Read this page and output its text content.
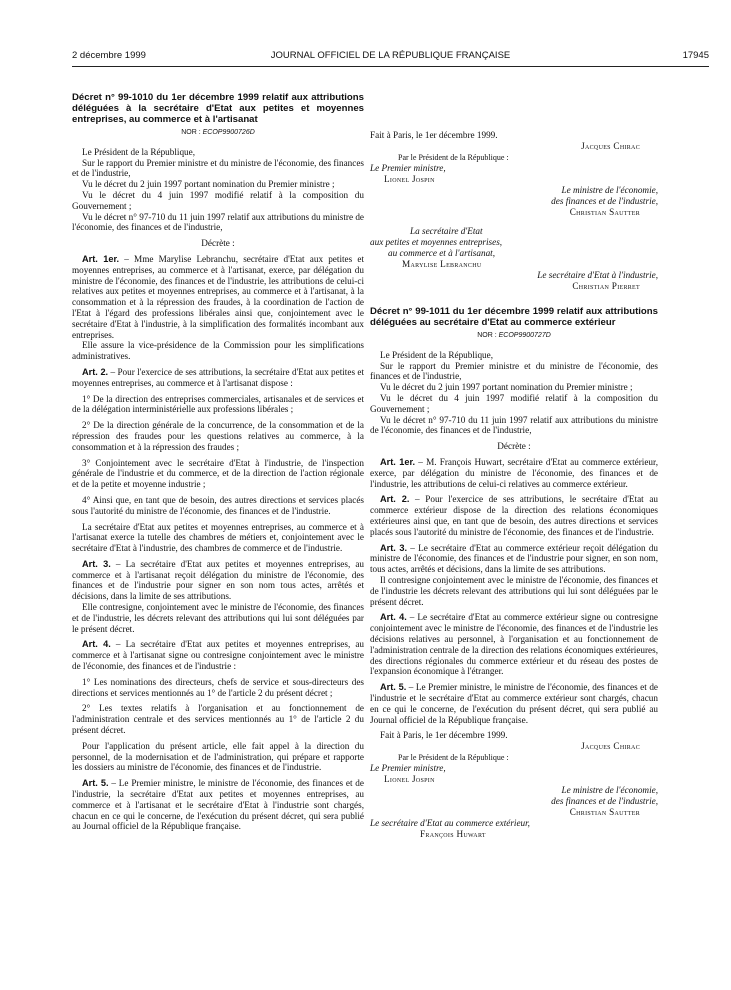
2 décembre 1999	JOURNAL OFFICIEL DE LA RÉPUBLIQUE FRANÇAISE	17945
Décret n° 99-1010 du 1er décembre 1999 relatif aux attributions déléguées à la secrétaire d'Etat aux petites et moyennes entreprises, au commerce et à l'artisanat
NOR : ECOP9900726D

Le Président de la République,

Sur le rapport du Premier ministre et du ministre de l'économie, des finances et de l'industrie,

Vu le décret du 2 juin 1997 portant nomination du Premier ministre ;

Vu le décret du 4 juin 1997 modifié relatif à la composition du Gouvernement ;

Vu le décret n° 97-710 du 11 juin 1997 relatif aux attributions du ministre de l'économie, des finances et de l'industrie,

Décrète :

Art. 1er. – Mme Marylise Lebranchu, secrétaire d'Etat aux petites et moyennes entreprises, au commerce et à l'artisanat, exerce, par délégation du ministre de l'économie, des finances et de l'industrie, les attributions de celui-ci relatives aux petites et moyennes entreprises, au commerce et à l'artisanat, à la consommation et à la répression des fraudes, à la coordination de l'action de l'Etat à l'égard des professions libérales ainsi que, conjointement avec le secrétaire d'Etat à l'industrie, à la simplification des formalités incombant aux entreprises.

Elle assure la vice-présidence de la Commission pour les simplifications administratives.

Art. 2. – Pour l'exercice de ses attributions, la secrétaire d'Etat aux petites et moyennes entreprises, au commerce et à l'artisanat dispose :

1° De la direction des entreprises commerciales, artisanales et de services et de la délégation interministérielle aux professions libérales ;

2° De la direction générale de la concurrence, de la consommation et de la répression des fraudes pour les questions relatives au commerce, à la consommation et à la répression des fraudes ;

3° Conjointement avec le secrétaire d'Etat à l'industrie, de l'inspection générale de l'industrie et du commerce, et de la direction de l'action régionale et de la petite et moyenne industrie ;

4° Ainsi que, en tant que de besoin, des autres directions et services placés sous l'autorité du ministre de l'économie, des finances et de l'industrie.

La secrétaire d'Etat aux petites et moyennes entreprises, au commerce et à l'artisanat exerce la tutelle des chambres de métiers et, conjointement avec le secrétaire d'Etat à l'industrie, des chambres de commerce et de l'industrie.

Art. 3. – La secrétaire d'Etat aux petites et moyennes entreprises, au commerce et à l'artisanat reçoit délégation du ministre de l'économie, des finances et de l'industrie pour signer en son nom tous actes, arrêtés et décisions, dans la limite de ses attributions.

Elle contresigne, conjointement avec le ministre de l'économie, des finances et de l'industrie, les décrets relevant des attributions qui lui sont déléguées par le présent décret.

Art. 4. – La secrétaire d'Etat aux petites et moyennes entreprises, au commerce et à l'artisanat signe ou contresigne conjointement avec le ministre de l'économie, des finances et de l'industrie :

1° Les nominations des directeurs, chefs de service et sous-directeurs des directions et services mentionnés au 1° de l'article 2 du présent décret ;

2° Les textes relatifs à l'organisation et au fonctionnement de l'administration centrale et des services mentionnés au 1° de l'article 2 du présent décret.

Pour l'application du présent article, elle fait appel à la direction du personnel, de la modernisation et de l'administration, qui prépare et rapporte les dossiers au ministre de l'économie, des finances et de l'industrie.

Art. 5. – Le Premier ministre, le ministre de l'économie, des finances et de l'industrie, la secrétaire d'Etat aux petites et moyennes entreprises, au commerce et à l'artisanat et le secrétaire d'Etat à l'industrie sont chargés, chacun en ce qui le concerne, de l'exécution du présent décret, qui sera publié au Journal officiel de la République française.

Fait à Paris, le 1er décembre 1999.

Jacques Chirac
Par le Président de la République :
Le Premier ministre,
Lionel Jospin
Le ministre de l'économie,
des finances et de l'industrie,
Christian Sautter
La secrétaire d'Etat
aux petites et moyennes entreprises,
au commerce et à l'artisanat,
Marylise Lebranchu
Le secrétaire d'Etat à l'industrie,
Christian Pierret
Décret n° 99-1011 du 1er décembre 1999 relatif aux attributions déléguées au secrétaire d'Etat au commerce extérieur
NOR : ECOP9900727D

Le Président de la République,

Sur le rapport du Premier ministre et du ministre de l'économie, des finances et de l'industrie,

Vu le décret du 2 juin 1997 portant nomination du Premier ministre ;

Vu le décret du 4 juin 1997 modifié relatif à la composition du Gouvernement ;

Vu le décret n° 97-710 du 11 juin 1997 relatif aux attributions du ministre de l'économie, des finances et de l'industrie,

Décrète :

Art. 1er. – M. François Huwart, secrétaire d'Etat au commerce extérieur, exerce, par délégation du ministre de l'économie, des finances et de l'industrie, les attributions de celui-ci relatives au commerce extérieur.

Art. 2. – Pour l'exercice de ses attributions, le secrétaire d'Etat au commerce extérieur dispose de la direction des relations économiques extérieures ainsi que, en tant que de besoin, des autres directions et services placés sous l'autorité du ministre de l'économie, des finances et de l'industrie.

Art. 3. – Le secrétaire d'Etat au commerce extérieur reçoit délégation du ministre de l'économie, des finances et de l'industrie pour signer, en son nom, tous actes, arrêtés et décisions, dans la limite de ses attributions.

Il contresigne conjointement avec le ministre de l'économie, des finances et de l'industrie les décrets relevant des attributions qui lui sont déléguées par le présent décret.

Art. 4. – Le secrétaire d'Etat au commerce extérieur signe ou contresigne conjointement avec le ministre de l'économie, des finances et de l'industrie les décisions relatives au personnel, à l'organisation et au fonctionnement de l'administration centrale de la direction des relations économiques extérieures, des directions régionales du commerce extérieur et du réseau des postes de l'expansion économique à l'étranger.

Art. 5. – Le Premier ministre, le ministre de l'économie, des finances et de l'industrie et le secrétaire d'Etat au commerce extérieur sont chargés, chacun en ce qui le concerne, de l'exécution du présent décret, qui sera publié au Journal officiel de la République française.

Fait à Paris, le 1er décembre 1999.

Jacques Chirac
Par le Président de la République :
Le Premier ministre,
Lionel Jospin
Le ministre de l'économie,
des finances et de l'industrie,
Christian Sautter
Le secrétaire d'Etat au commerce extérieur,
François Huwart
